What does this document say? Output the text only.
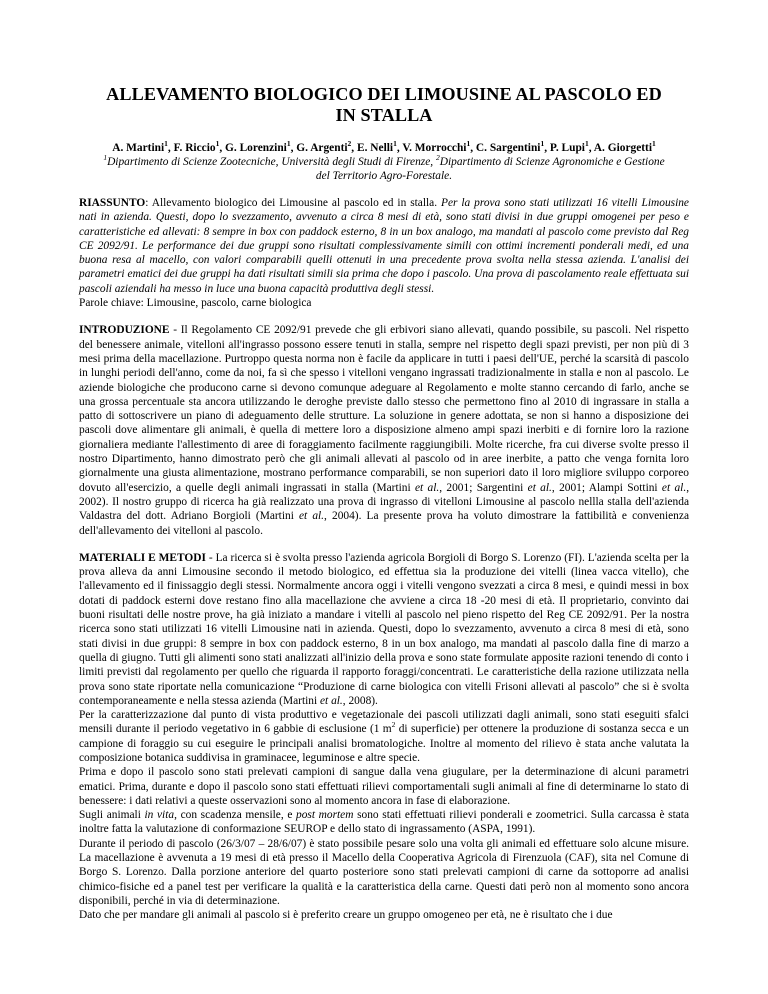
ALLEVAMENTO BIOLOGICO DEI LIMOUSINE AL PASCOLO ED IN STALLA
A. Martini$^1$, F. Riccio$^1$, G. Lorenzini$^1$, G. Argenti$^2$, E. Nelli$^1$, V. Morrocchi$^1$, C. Sargentini$^1$, P. Lupi$^1$, A. Giorgetti$^1$
$^1$Dipartimento di Scienze Zootecniche, Università degli Studi di Firenze, $^2$Dipartimento di Scienze Agronomiche e Gestione del Territorio Agro-Forestale.

RIASSUNTO: Allevamento biologico dei Limousine al pascolo ed in stalla. Per la prova sono stati utilizzati 16 vitelli Limousine nati in azienda. Questi, dopo lo svezzamento, avvenuto a circa 8 mesi di età, sono stati divisi in due gruppi omogenei per peso e caratteristiche ed allevati: 8 sempre in box con paddock esterno, 8 in un box analogo, ma mandati al pascolo come previsto dal Reg CE 2092/91. Le performance dei due gruppi sono risultati complessivamente simili con ottimi incrementi ponderali medi, ed una buona resa al macello, con valori comparabili quelli ottenuti in una precedente prova svolta nella stessa azienda. L'analisi dei parametri ematici dei due gruppi ha dati risultati simili sia prima che dopo i pascolo. Una prova di pascolamento reale effettuata sui pascoli aziendali ha messo in luce una buona capacità produttiva degli stessi.

Parole chiave: Limousine, pascolo, carne biologica

INTRODUZIONE - Il Regolamento CE 2092/91 prevede che gli erbivori siano allevati, quando possibile, su pascoli. Nel rispetto del benessere animale, vitelloni all'ingrasso possono essere tenuti in stalla, sempre nel rispetto degli spazi previsti, per non più di 3 mesi prima della macellazione. Purtroppo questa norma non è facile da applicare in tutti i paesi dell'UE, perché la scarsità di pascolo in lunghi periodi dell'anno, come da noi, fa sì che spesso i vitelloni vengano ingrassati tradizionalmente in stalla e non al pascolo. Le aziende biologiche che producono carne si devono comunque adeguare al Regolamento e molte stanno cercando di farlo, anche se una grossa percentuale sta ancora utilizzando le deroghe previste dallo stesso che permettono fino al 2010 di ingrassare in stalla a patto di sottoscrivere un piano di adeguamento delle strutture. La soluzione in genere adottata, se non si hanno a disposizione dei pascoli dove alimentare gli animali, è quella di mettere loro a disposizione almeno ampi spazi inerbiti e di fornire loro la razione giornaliera mediante l'allestimento di aree di foraggiamento facilmente raggiungibili. Molte ricerche, fra cui diverse svolte presso il nostro Dipartimento, hanno dimostrato però che gli animali allevati al pascolo od in aree inerbite, a patto che venga fornita loro giornalmente una giusta alimentazione, mostrano performance comparabili, se non superiori dato il loro migliore sviluppo corporeo dovuto all'esercizio, a quelle degli animali ingrassati in stalla (Martini et al., 2001; Sargentini et al., 2001; Alampi Sottini et al., 2002). Il nostro gruppo di ricerca ha già realizzato una prova di ingrasso di vitelloni Limousine al pascolo nellla stalla dell'azienda Valdastra del dott. Adriano Borgioli (Martini et al., 2004). La presente prova ha voluto dimostrare la fattibilità e convenienza dell'allevamento dei vitelloni al pascolo.

MATERIALI E METODI - La ricerca si è svolta presso l'azienda agricola Borgioli di Borgo S. Lorenzo (FI). L'azienda scelta per la prova alleva da anni Limousine secondo il metodo biologico, ed effettua sia la produzione dei vitelli (linea vacca vitello), che l'allevamento ed il finissaggio degli stessi. Normalmente ancora oggi i vitelli vengono svezzati a circa 8 mesi, e quindi messi in box dotati di paddock esterni dove restano fino alla macellazione che avviene a circa 18 -20 mesi di età. Il proprietario, convinto dai buoni risultati delle nostre prove, ha già iniziato a mandare i vitelli al pascolo nel pieno rispetto del Reg CE 2092/91. Per la nostra ricerca sono stati utilizzati 16 vitelli Limousine nati in azienda. Questi, dopo lo svezzamento, avvenuto a circa 8 mesi di età, sono stati divisi in due gruppi: 8 sempre in box con paddock esterno, 8 in un box analogo, ma mandati al pascolo dalla fine di marzo a quella di giugno. Tutti gli alimenti sono stati analizzati all'inizio della prova e sono state formulate apposite razioni tenendo di conto i limiti previsti dal regolamento per quello che riguarda il rapporto foraggi/concentrati. Le caratteristiche della razione utilizzata nella prova sono state riportate nella comunicazione “Produzione di carne biologica con vitelli Frisoni allevati al pascolo” che si è svolta contemporaneamente e nella stessa azienda (Martini et al., 2008).

Per la caratterizzazione dal punto di vista produttivo e vegetazionale dei pascoli utilizzati dagli animali, sono stati eseguiti sfalci mensili durante il periodo vegetativo in 6 gabbie di esclusione (1 $m^2$ di superficie) per ottenere la produzione di sostanza secca e un campione di foraggio su cui eseguire le principali analisi bromatologiche. Inoltre al momento del rilievo è stata anche valutata la composizione botanica suddivisa in graminacee, leguminose e altre specie.

Prima e dopo il pascolo sono stati prelevati campioni di sangue dalla vena giugulare, per la determinazione di alcuni parametri ematici. Prima, durante e dopo il pascolo sono stati effettuati rilievi comportamentali sugli animali al fine di determinarne lo stato di benessere: i dati relativi a queste osservazioni sono al momento ancora in fase di elaborazione.

Sugli animali in vita, con scadenza mensile, e post mortem sono stati effettuati rilievi ponderali e zoometrici. Sulla carcassa è stata inoltre fatta la valutazione di conformazione SEUROP e dello stato di ingrassamento (ASPA, 1991).

Durante il periodo di pascolo (26/3/07 – 28/6/07) è stato possibile pesare solo una volta gli animali ed effettuare solo alcune misure. La macellazione è avvenuta a 19 mesi di età presso il Macello della Cooperativa Agricola di Firenzuola (CAF), sita nel Comune di Borgo S. Lorenzo. Dalla porzione anteriore del quarto posteriore sono stati prelevati campioni di carne da sottoporre ad analisi chimico-fisiche ed a panel test per verificare la qualità e la caratteristica della carne. Questi dati però non al momento sono ancora disponibili, perché in via di determinazione.

Dato che per mandare gli animali al pascolo si è preferito creare un gruppo omogeneo per età, ne è risultato che i due
